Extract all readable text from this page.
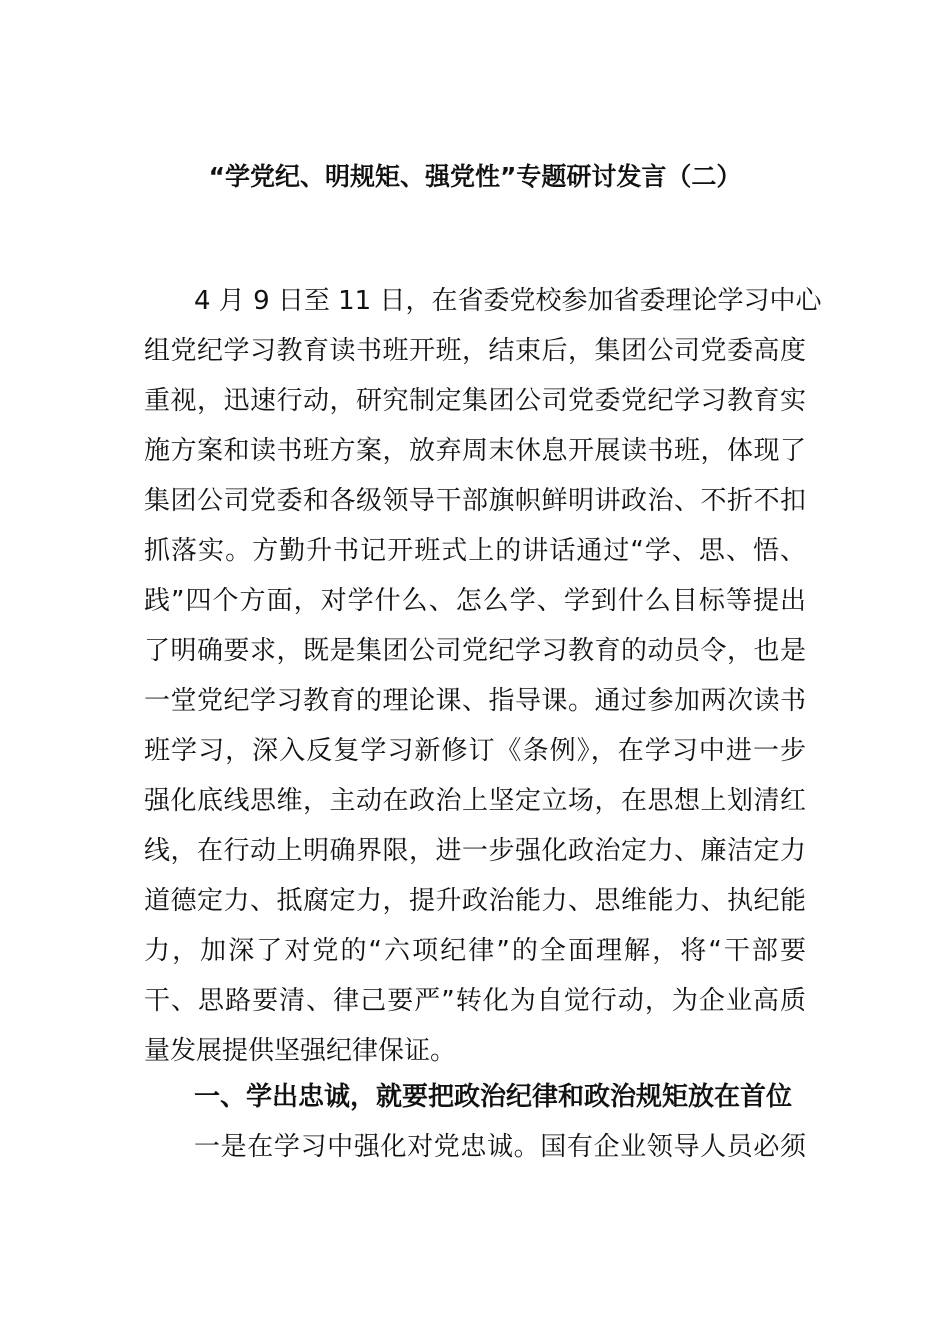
“学党纪、明规矩、强党性”专题研讨发言（二）
4 月 9 日至 11 日，在省委党校参加省委理论学习中心
组党纪学习教育读书班开班，结束后，集团公司党委高度
重视，迅速行动，研究制定集团公司党委党纪学习教育实
施方案和读书班方案，放弃周末休息开展读书班，体现了
集团公司党委和各级领导干部旗帜鲜明讲政治、不折不扣
抓落实。方勤升书记开班式上的讲话通过“学、思、悟、
践”四个方面，对学什么、怎么学、学到什么目标等提出
了明确要求，既是集团公司党纪学习教育的动员令，也是
一堂党纪学习教育的理论课、指导课。通过参加两次读书
班学习，深入反复学习新修订《条例》，在学习中进一步
强化底线思维，主动在政治上坚定立场，在思想上划清红
线，在行动上明确界限，进一步强化政治定力、廉洁定力
道德定力、抵腐定力，提升政治能力、思维能力、执纪能
力，加深了对党的“六项纪律”的全面理解，将“干部要
干、思路要清、律己要严”转化为自觉行动，为企业高质
量发展提供坚强纪律保证。
一、学出忠诚，就要把政治纪律和政治规矩放在首位
一是在学习中强化对党忠诚。国有企业领导人员必须
